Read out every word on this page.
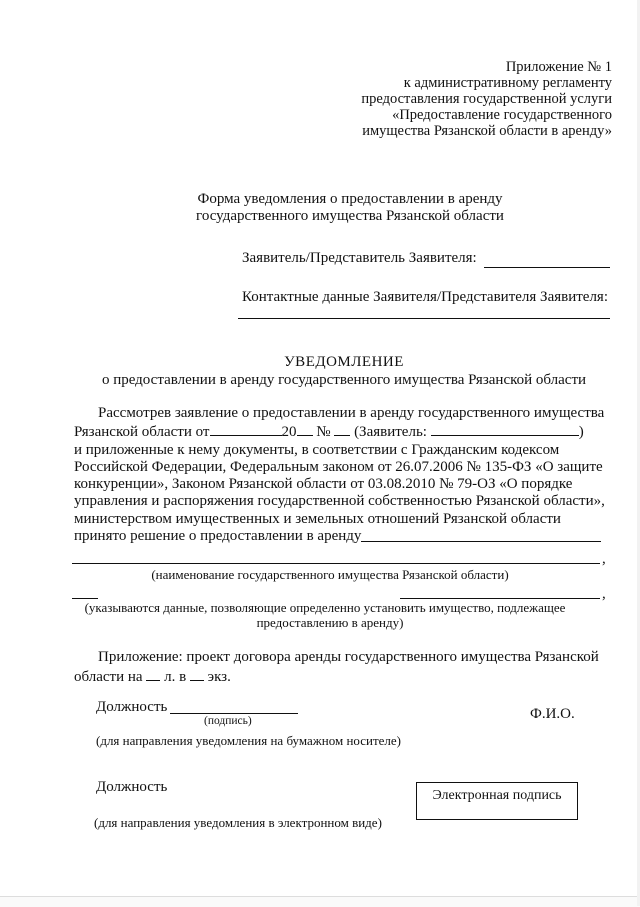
Приложение № 1
к административному регламенту
предоставления государственной услуги
«Предоставление государственного
имущества Рязанской области в аренду»
Форма уведомления о предоставлении в аренду
государственного имущества Рязанской области
Заявитель/Представитель Заявителя:
Контактные данные Заявителя/Представителя Заявителя:
УВЕДОМЛЕНИЕ
о предоставлении в аренду государственного имущества Рязанской области
Рассмотрев заявление о предоставлении в аренду государственного имущества
Рязанской области от	20 № (Заявитель:	)
и приложенные к нему документы, в соответствии с Гражданским кодексом
Российской Федерации, Федеральным законом от 26.07.2006 № 135-ФЗ «О защите
конкуренции», Законом Рязанской области от 03.08.2010 № 79-ОЗ «О порядке
управления и распоряжения государственной собственностью Рязанской области»,
министерством имущественных и земельных отношений Рязанской области
принято решение о предоставлении в аренду
,
(наименование государственного имущества Рязанской области)
,
(указываются данные, позволяющие определенно установить имущество, подлежащее
предоставлению в аренду)
Приложение: проект договора аренды государственного имущества Рязанской
области на л. в экз.
Должность	Ф.И.О.
(подпись)
(для направления уведомления на бумажном носителе)
Должность
Электронная подпись
(для направления уведомления в электронном виде)
